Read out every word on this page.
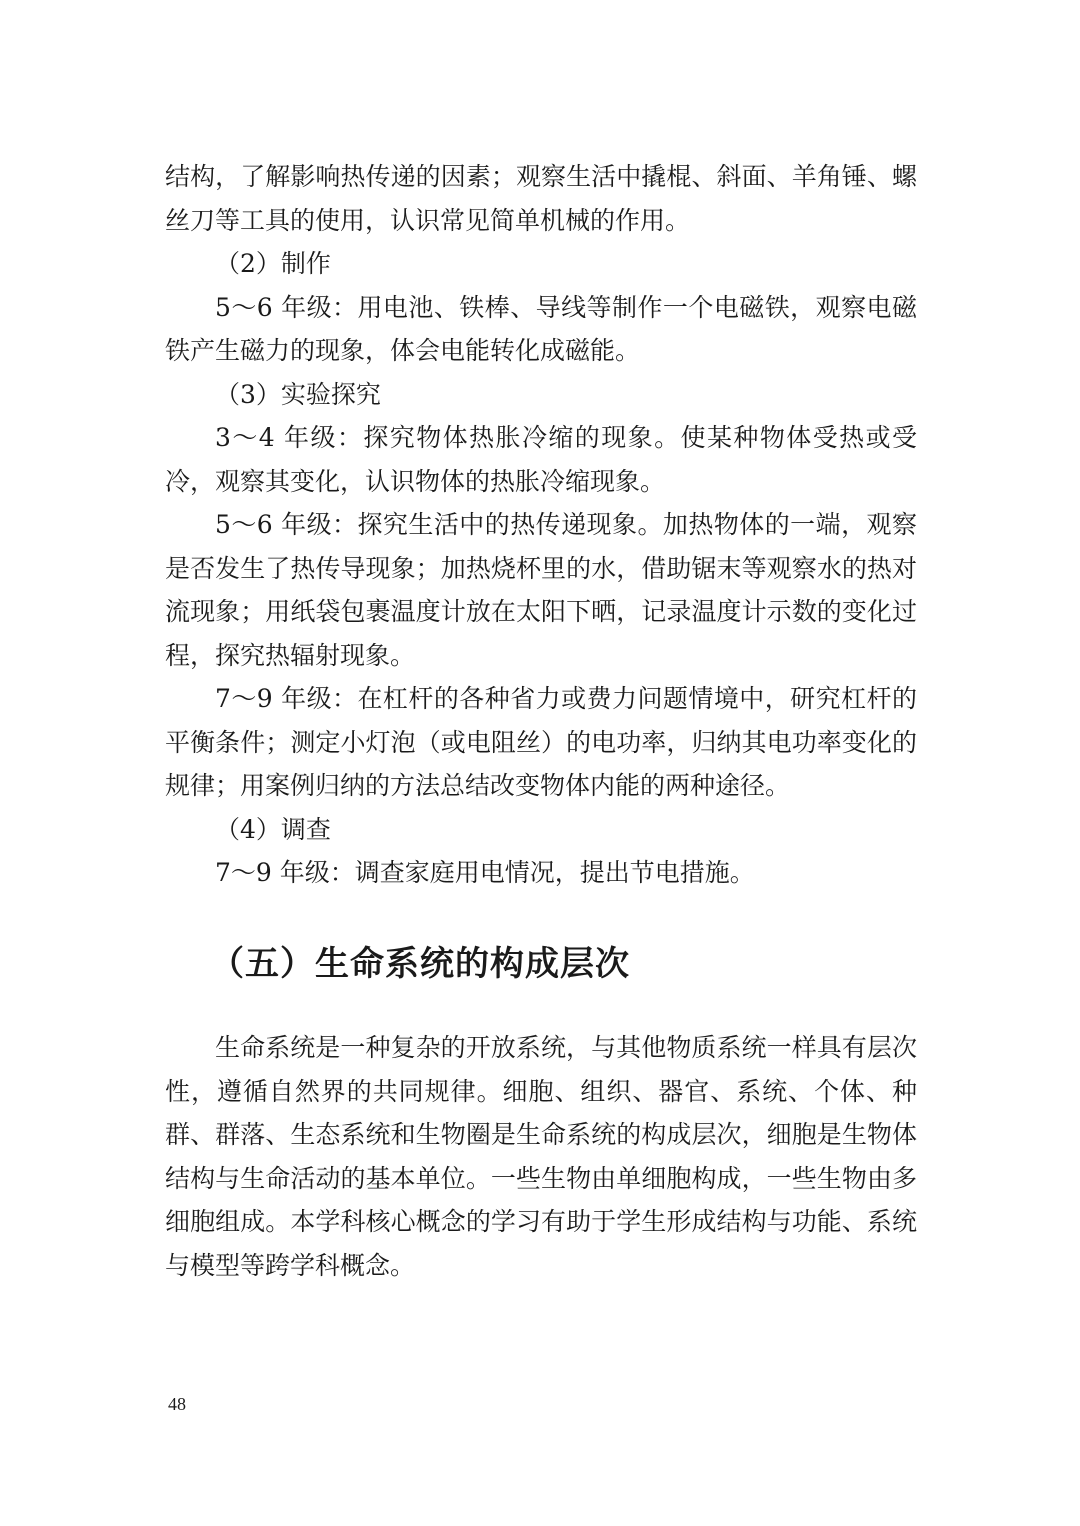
结构，了解影响热传递的因素；观察生活中撬棍、斜面、羊角锤、螺丝刀等工具的使用，认识常见简单机械的作用。

（2）制作

5～6 年级：用电池、铁棒、导线等制作一个电磁铁，观察电磁铁产生磁力的现象，体会电能转化成磁能。

（3）实验探究

3～4 年级：探究物体热胀冷缩的现象。使某种物体受热或受冷，观察其变化，认识物体的热胀冷缩现象。

5～6 年级：探究生活中的热传递现象。加热物体的一端，观察是否发生了热传导现象；加热烧杯里的水，借助锯末等观察水的热对流现象；用纸袋包裹温度计放在太阳下晒，记录温度计示数的变化过程，探究热辐射现象。

7～9 年级：在杠杆的各种省力或费力问题情境中，研究杠杆的平衡条件；测定小灯泡（或电阻丝）的电功率，归纳其电功率变化的规律；用案例归纳的方法总结改变物体内能的两种途径。

（4）调查

7～9 年级：调查家庭用电情况，提出节电措施。

（五）生命系统的构成层次

生命系统是一种复杂的开放系统，与其他物质系统一样具有层次性，遵循自然界的共同规律。细胞、组织、器官、系统、个体、种群、群落、生态系统和生物圈是生命系统的构成层次，细胞是生物体结构与生命活动的基本单位。一些生物由单细胞构成，一些生物由多细胞组成。本学科核心概念的学习有助于学生形成结构与功能、系统与模型等跨学科概念。

48
